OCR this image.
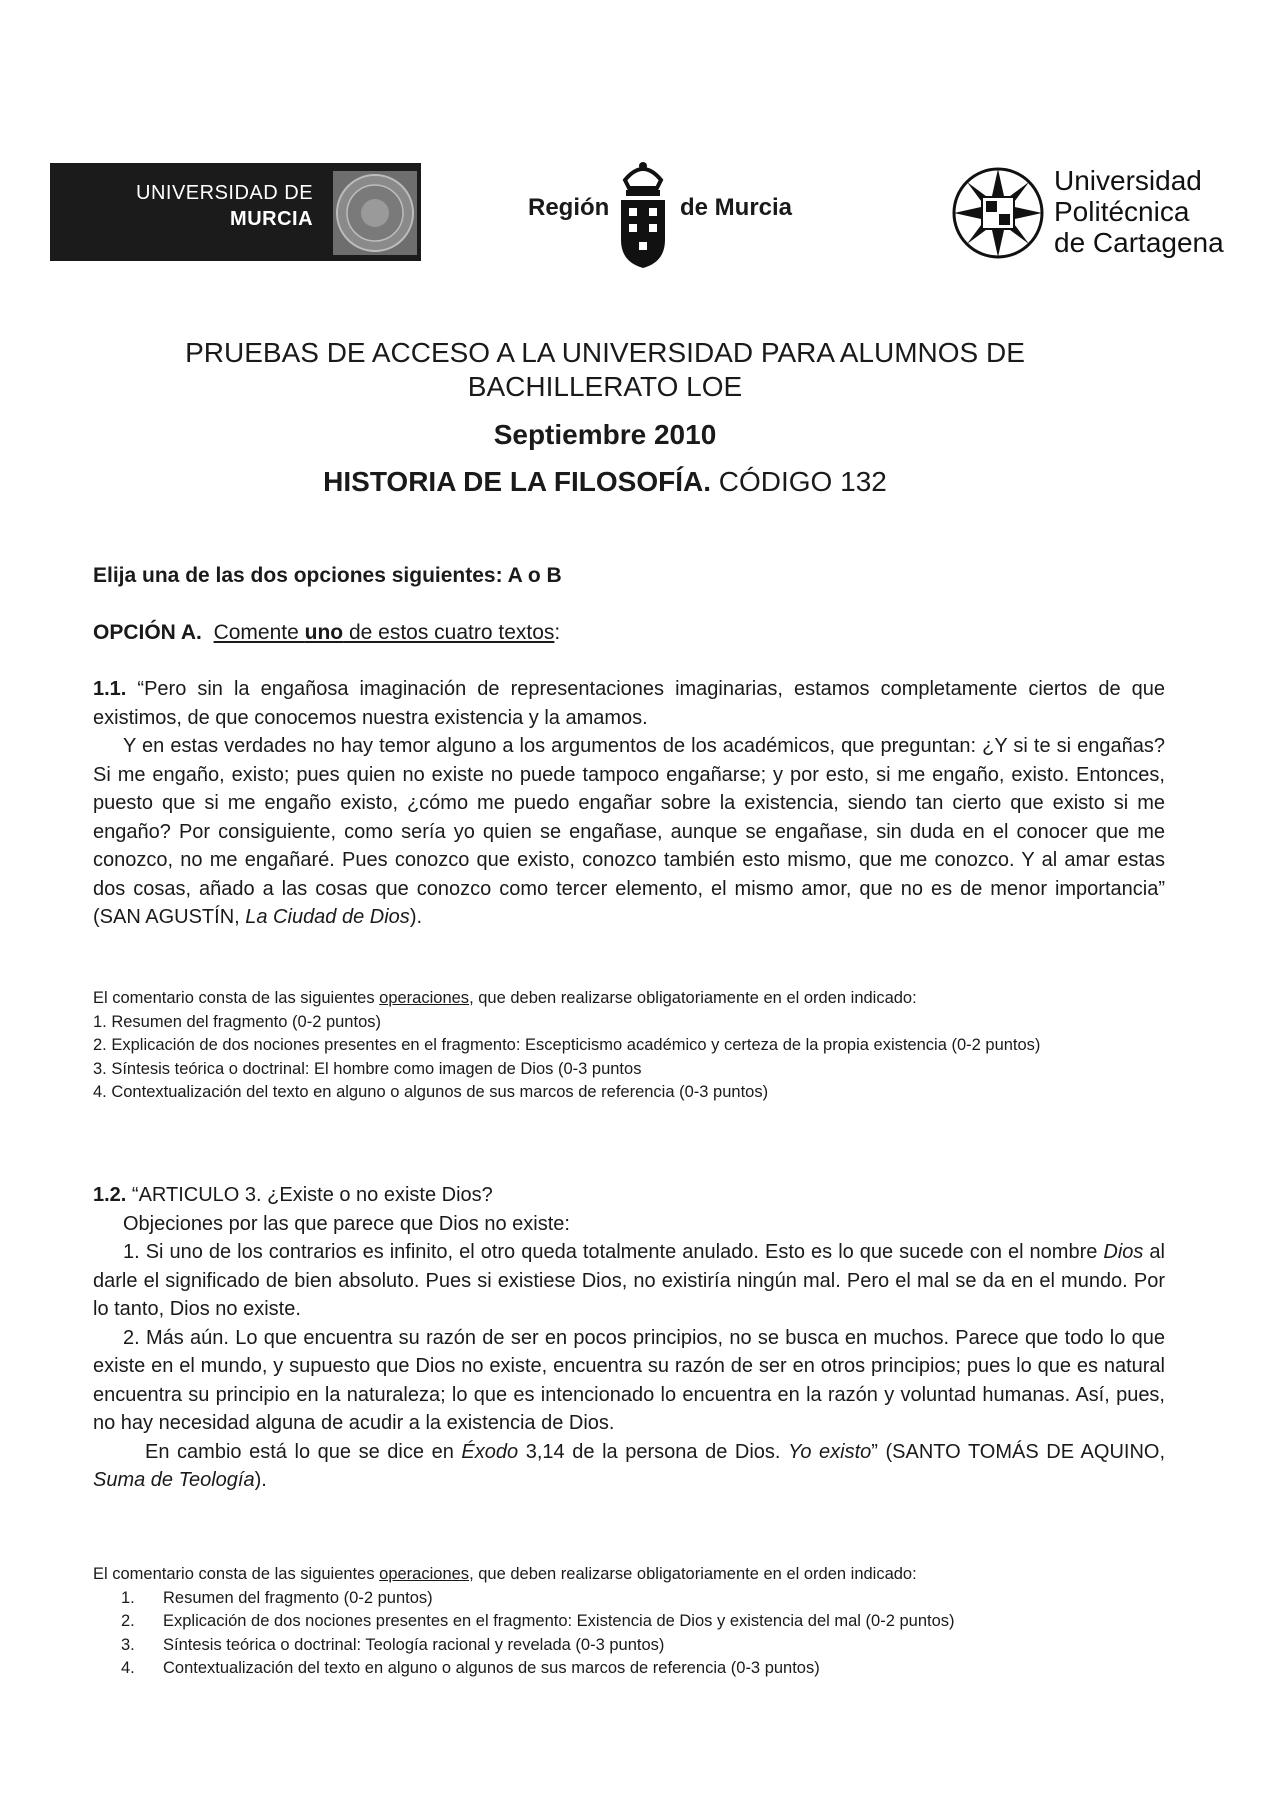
UNIVERSIDAD DE
MURCIA	Región	de Murcia
Universidad
Politécnica
de Cartagena
PRUEBAS DE ACCESO A LA UNIVERSIDAD PARA ALUMNOS DE
BACHILLERATO LOE
Septiembre 2010
HISTORIA DE LA FILOSOFÍA. CÓDIGO 132
Elija una de las dos opciones siguientes: A o B
OPCIÓN A. Comente uno de estos cuatro textos:

1.1. “Pero sin la engañosa imaginación de representaciones imaginarias, estamos completamente ciertos de que existimos, de que conocemos nuestra existencia y la amamos.

Y en estas verdades no hay temor alguno a los argumentos de los académicos, que preguntan: ¿Y si te si engañas? Si me engaño, existo; pues quien no existe no puede tampoco engañarse; y por esto, si me engaño, existo. Entonces, puesto que si me engaño existo, ¿cómo me puedo engañar sobre la existencia, siendo tan cierto que existo si me engaño? Por consiguiente, como sería yo quien se engañase, aunque se engañase, sin duda en el conocer que me conozco, no me engañaré. Pues conozco que existo, conozco también esto mismo, que me conozco. Y al amar estas dos cosas, añado a las cosas que conozco como tercer elemento, el mismo amor, que no es de menor importancia” (SAN AGUSTÍN, La Ciudad de Dios).

El comentario consta de las siguientes operaciones, que deben realizarse obligatoriamente en el orden indicado:
1. Resumen del fragmento (0-2 puntos)
2. Explicación de dos nociones presentes en el fragmento: Escepticismo académico y certeza de la propia existencia (0-2 puntos)
3. Síntesis teórica o doctrinal: El hombre como imagen de Dios (0-3 puntos
4. Contextualización del texto en alguno o algunos de sus marcos de referencia (0-3 puntos)

1.2. “ARTICULO 3. ¿Existe o no existe Dios?

Objeciones por las que parece que Dios no existe:

1. Si uno de los contrarios es infinito, el otro queda totalmente anulado. Esto es lo que sucede con el nombre Dios al darle el significado de bien absoluto. Pues si existiese Dios, no existiría ningún mal. Pero el mal se da en el mundo. Por lo tanto, Dios no existe.

2. Más aún. Lo que encuentra su razón de ser en pocos principios, no se busca en muchos. Parece que todo lo que existe en el mundo, y supuesto que Dios no existe, encuentra su razón de ser en otros principios; pues lo que es natural encuentra su principio en la naturaleza; lo que es intencionado lo encuentra en la razón y voluntad humanas. Así, pues, no hay necesidad alguna de acudir a la existencia de Dios.

En cambio está lo que se dice en Éxodo 3,14 de la persona de Dios. Yo existo” (SANTO TOMÁS DE AQUINO, Suma de Teología).

El comentario consta de las siguientes operaciones, que deben realizarse obligatoriamente en el orden indicado:
1.	Resumen del fragmento (0-2 puntos)
2.	Explicación de dos nociones presentes en el fragmento: Existencia de Dios y existencia del mal (0-2 puntos)
3.	Síntesis teórica o doctrinal: Teología racional y revelada (0-3 puntos)
4.	Contextualización del texto en alguno o algunos de sus marcos de referencia (0-3 puntos)
